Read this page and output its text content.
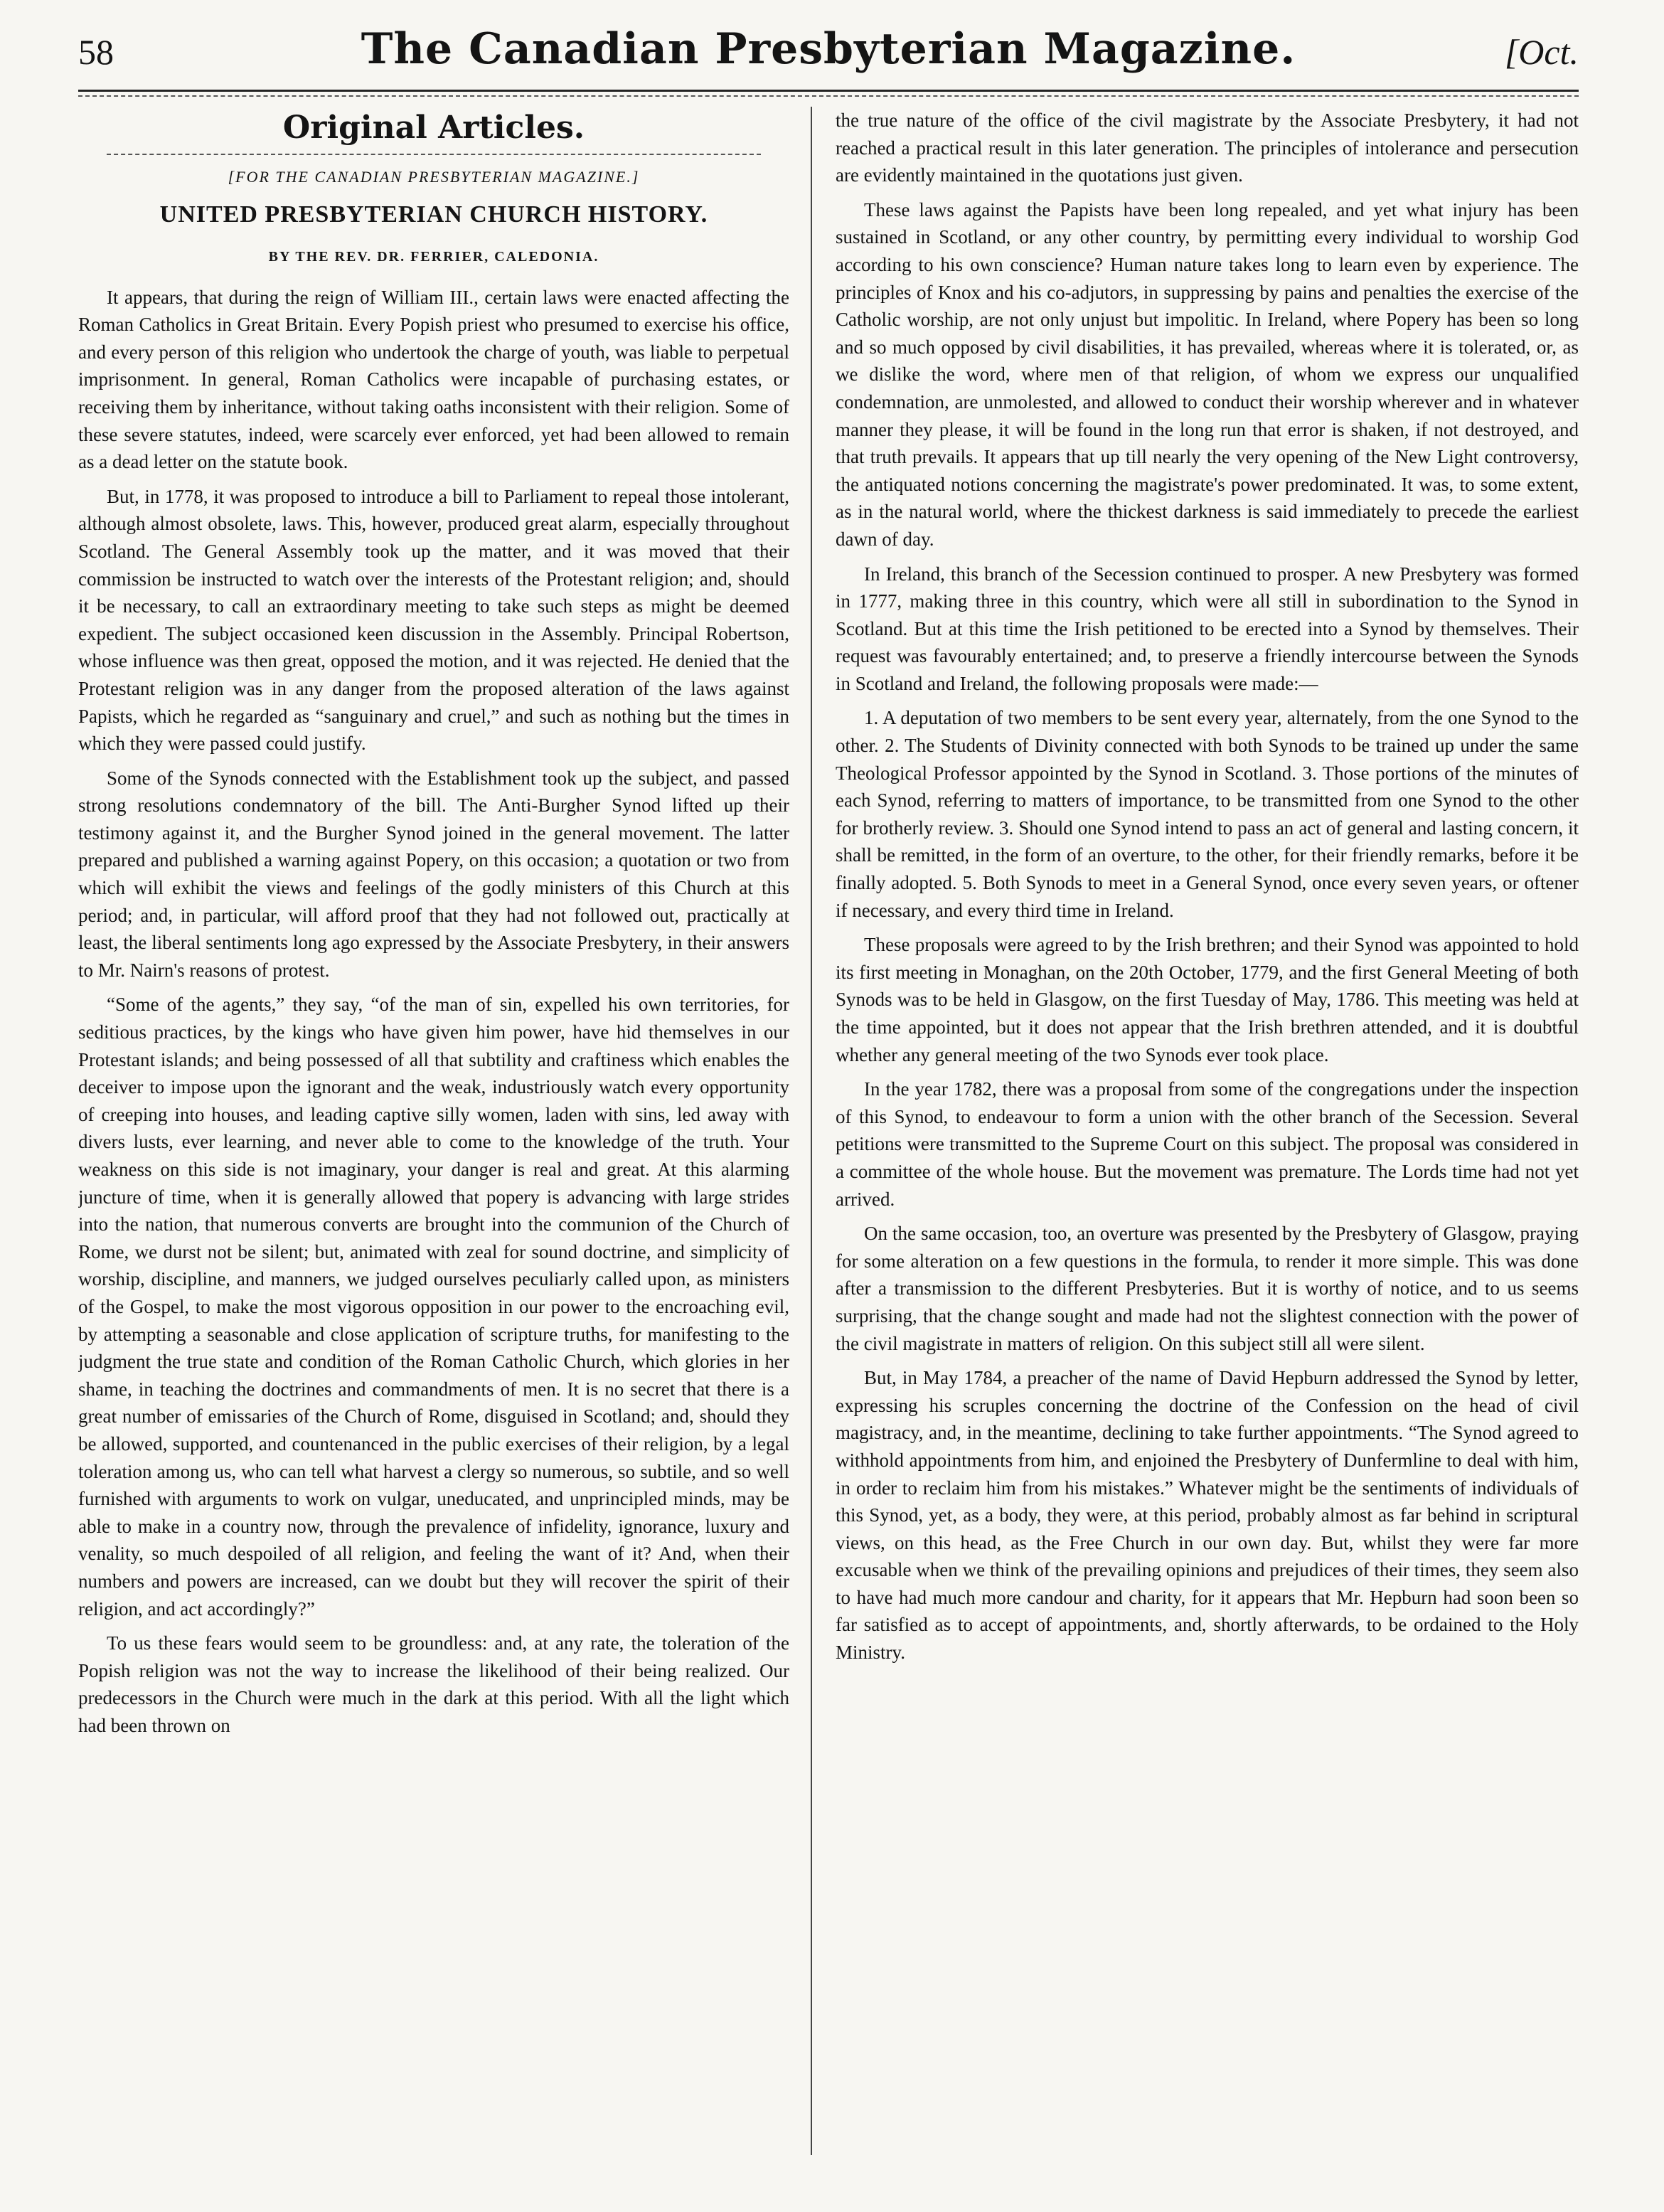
58	The Canadian Presbyterian Magazine.	[Oct.
Original Articles.
[FOR THE CANADIAN PRESBYTERIAN MAGAZINE.]
UNITED PRESBYTERIAN CHURCH HISTORY.
BY THE REV. DR. FERRIER, CALEDONIA.

It appears, that during the reign of William III., certain laws were enacted affecting the Roman Catholics in Great Britain. Every Popish priest who presumed to exercise his office, and every person of this religion who undertook the charge of youth, was liable to perpetual imprisonment. In general, Roman Catholics were incapable of purchasing estates, or receiving them by inheritance, without taking oaths inconsistent with their religion. Some of these severe statutes, indeed, were scarcely ever enforced, yet had been allowed to remain as a dead letter on the statute book.

But, in 1778, it was proposed to introduce a bill to Parliament to repeal those intolerant, although almost obsolete, laws. This, however, produced great alarm, especially throughout Scotland. The General Assembly took up the matter, and it was moved that their commission be instructed to watch over the interests of the Protestant religion; and, should it be necessary, to call an extraordinary meeting to take such steps as might be deemed expedient. The subject occasioned keen discussion in the Assembly. Principal Robertson, whose influence was then great, opposed the motion, and it was rejected. He denied that the Protestant religion was in any danger from the proposed alteration of the laws against Papists, which he regarded as “sanguinary and cruel,” and such as nothing but the times in which they were passed could justify.

Some of the Synods connected with the Establishment took up the subject, and passed strong resolutions condemnatory of the bill. The Anti-Burgher Synod lifted up their testimony against it, and the Burgher Synod joined in the general movement. The latter prepared and published a warning against Popery, on this occasion; a quotation or two from which will exhibit the views and feelings of the godly ministers of this Church at this period; and, in particular, will afford proof that they had not followed out, practically at least, the liberal sentiments long ago expressed by the Associate Presbytery, in their answers to Mr. Nairn's reasons of protest.

“Some of the agents,” they say, “of the man of sin, expelled his own territories, for seditious practices, by the kings who have given him power, have hid themselves in our Protestant islands; and being possessed of all that subtility and craftiness which enables the deceiver to impose upon the ignorant and the weak, industriously watch every opportunity of creeping into houses, and leading captive silly women, laden with sins, led away with divers lusts, ever learning, and never able to come to the knowledge of the truth. Your weakness on this side is not imaginary, your danger is real and great. At this alarming juncture of time, when it is generally allowed that popery is advancing with large strides into the nation, that numerous converts are brought into the communion of the Church of Rome, we durst not be silent; but, animated with zeal for sound doctrine, and simplicity of worship, discipline, and manners, we judged ourselves peculiarly called upon, as ministers of the Gospel, to make the most vigorous opposition in our power to the encroaching evil, by attempting a seasonable and close application of scripture truths, for manifesting to the judgment the true state and condition of the Roman Catholic Church, which glories in her shame, in teaching the doctrines and commandments of men. It is no secret that there is a great number of emissaries of the Church of Rome, disguised in Scotland; and, should they be allowed, supported, and countenanced in the public exercises of their religion, by a legal toleration among us, who can tell what harvest a clergy so numerous, so subtile, and so well furnished with arguments to work on vulgar, uneducated, and unprincipled minds, may be able to make in a country now, through the prevalence of infidelity, ignorance, luxury and venality, so much despoiled of all religion, and feeling the want of it? And, when their numbers and powers are increased, can we doubt but they will recover the spirit of their religion, and act accordingly?”

To us these fears would seem to be groundless: and, at any rate, the toleration of the Popish religion was not the way to increase the likelihood of their being realized. Our predecessors in the Church were much in the dark at this period. With all the light which had been thrown on

the true nature of the office of the civil magistrate by the Associate Presbytery, it had not reached a practical result in this later generation. The principles of intolerance and persecution are evidently maintained in the quotations just given.

These laws against the Papists have been long repealed, and yet what injury has been sustained in Scotland, or any other country, by permitting every individual to worship God according to his own conscience? Human nature takes long to learn even by experience. The principles of Knox and his co-adjutors, in suppressing by pains and penalties the exercise of the Catholic worship, are not only unjust but impolitic. In Ireland, where Popery has been so long and so much opposed by civil disabilities, it has prevailed, whereas where it is tolerated, or, as we dislike the word, where men of that religion, of whom we express our unqualified condemnation, are unmolested, and allowed to conduct their worship wherever and in whatever manner they please, it will be found in the long run that error is shaken, if not destroyed, and that truth prevails. It appears that up till nearly the very opening of the New Light controversy, the antiquated notions concerning the magistrate's power predominated. It was, to some extent, as in the natural world, where the thickest darkness is said immediately to precede the earliest dawn of day.

In Ireland, this branch of the Secession continued to prosper. A new Presbytery was formed in 1777, making three in this country, which were all still in subordination to the Synod in Scotland. But at this time the Irish petitioned to be erected into a Synod by themselves. Their request was favourably entertained; and, to preserve a friendly intercourse between the Synods in Scotland and Ireland, the following proposals were made:—

1. A deputation of two members to be sent every year, alternately, from the one Synod to the other. 2. The Students of Divinity connected with both Synods to be trained up under the same Theological Professor appointed by the Synod in Scotland. 3. Those portions of the minutes of each Synod, referring to matters of importance, to be transmitted from one Synod to the other for brotherly review. 3. Should one Synod intend to pass an act of general and lasting concern, it shall be remitted, in the form of an overture, to the other, for their friendly remarks, before it be finally adopted. 5. Both Synods to meet in a General Synod, once every seven years, or oftener if necessary, and every third time in Ireland.

These proposals were agreed to by the Irish brethren; and their Synod was appointed to hold its first meeting in Monaghan, on the 20th October, 1779, and the first General Meeting of both Synods was to be held in Glasgow, on the first Tuesday of May, 1786. This meeting was held at the time appointed, but it does not appear that the Irish brethren attended, and it is doubtful whether any general meeting of the two Synods ever took place.

In the year 1782, there was a proposal from some of the congregations under the inspection of this Synod, to endeavour to form a union with the other branch of the Secession. Several petitions were transmitted to the Supreme Court on this subject. The proposal was considered in a committee of the whole house. But the movement was premature. The Lords time had not yet arrived.

On the same occasion, too, an overture was presented by the Presbytery of Glasgow, praying for some alteration on a few questions in the formula, to render it more simple. This was done after a transmission to the different Presbyteries. But it is worthy of notice, and to us seems surprising, that the change sought and made had not the slightest connection with the power of the civil magistrate in matters of religion. On this subject still all were silent.

But, in May 1784, a preacher of the name of David Hepburn addressed the Synod by letter, expressing his scruples concerning the doctrine of the Confession on the head of civil magistracy, and, in the meantime, declining to take further appointments. “The Synod agreed to withhold appointments from him, and enjoined the Presbytery of Dunfermline to deal with him, in order to reclaim him from his mistakes.” Whatever might be the sentiments of individuals of this Synod, yet, as a body, they were, at this period, probably almost as far behind in scriptural views, on this head, as the Free Church in our own day. But, whilst they were far more excusable when we think of the prevailing opinions and prejudices of their times, they seem also to have had much more candour and charity, for it appears that Mr. Hepburn had soon been so far satisfied as to accept of appointments, and, shortly afterwards, to be ordained to the Holy Ministry.
